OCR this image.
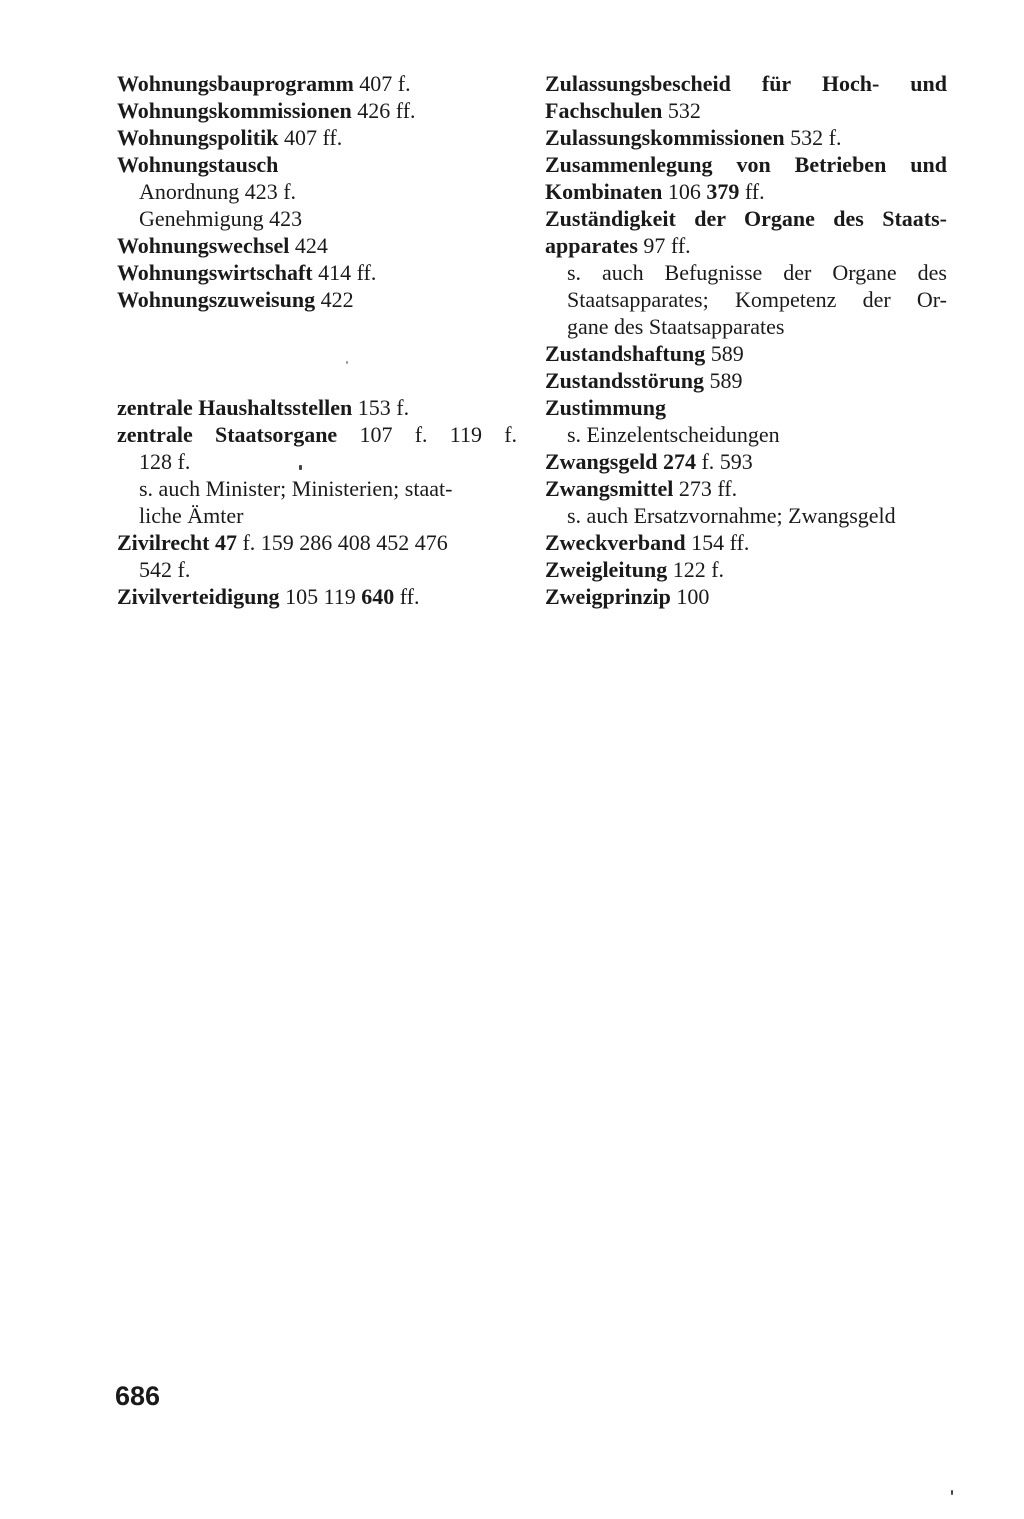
Wohnungsbauprogramm 407 f.
Wohnungskommissionen 426 ff.
Wohnungspolitik 407 ff.
Wohnungstausch
Anordnung 423 f.
Genehmigung 423
Wohnungswechsel 424
Wohnungswirtschaft 414 ff.
Wohnungszuweisung 422
zentrale Haushaltsstellen 153 f.
zentrale Staatsorgane 107 f. 119 f.
128 f.
s. auch Minister; Ministerien; staat-
liche Ämter
Zivilrecht 47 f. 159 286 408 452 476
542 f.
Zivilverteidigung 105 119 640 ff.
Zulassungsbescheid für Hoch- und
Fachschulen 532
Zulassungskommissionen 532 f.
Zusammenlegung von Betrieben und
Kombinaten 106 379 ff.
Zuständigkeit der Organe des Staats-
apparates 97 ff.
s. auch Befugnisse der Organe des
Staatsapparates; Kompetenz der Or-
gane des Staatsapparates
Zustandshaftung 589
Zustandsstörung 589
Zustimmung
s. Einzelentscheidungen
Zwangsgeld 274 f. 593
Zwangsmittel 273 ff.
s. auch Ersatzvornahme; Zwangsgeld
Zweckverband 154 ff.
Zweigleitung 122 f.
Zweigprinzip 100
686
